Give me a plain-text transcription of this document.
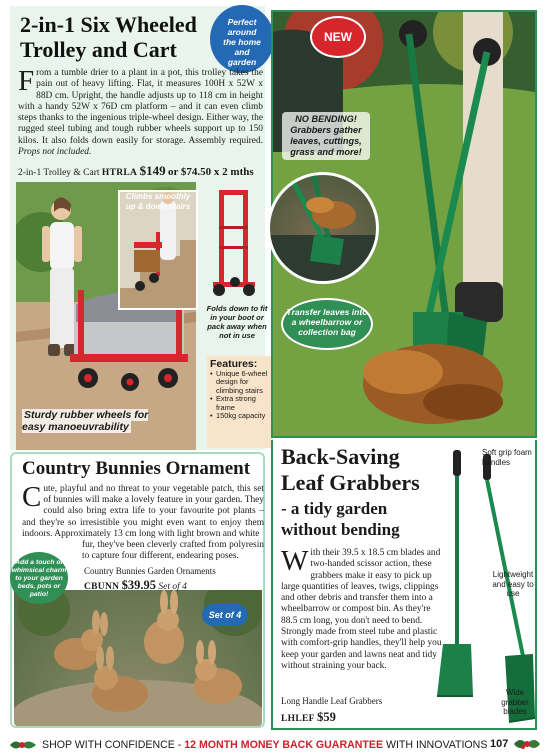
2-in-1 Six Wheeled Trolley and Cart
Perfect
around
the home
and
garden
From a tumble drier to a plant in a pot, this trolley takes the pain out of heavy lifting. Flat, it measures 100H x 52W x 88D cm. Upright, the handle adjusts up to 118 cm in height with a handy 52W x 76D cm platform – and it can even climb steps thanks to the ingenious triple-wheel design. Either way, the rugged steel tubing and tough rubber wheels support up to 150 kilos. It also folds down easily for storage. Assembly required. Props not included.
2-in-1 Trolley & Cart HTRLA $149 or $74.50 x 2 mths
Climbs smoothly up & down stairs
Folds down to fit in your boot or pack away when not in use
Sturdy rubber wheels for easy manoeuvrability
Features:
• Unique 6-wheel design for climbing stairs
• Extra strong frame
• 150kg capacity
Country Bunnies Ornament
Cute, playful and no threat to your vegetable patch, this set of bunnies will make a lovely feature in your garden. They could also bring extra life to your favourite pot plants – and they're so irresistible you might even want to enjoy them indoors. Approximately 13 cm long with light brown and white
fur, they've been cleverly crafted from polyresin to capture four different, endearing poses.
Add a touch of whimsical charm to your garden beds, pots or patio!
Country Bunnies Garden Ornaments
CBUNN $39.95 Set of 4
Set of 4
NEW
NO BENDING! Grabbers gather leaves, cuttings, grass and more!
Transfer leaves into a wheelbarrow or collection bag
Back-Saving
Leaf Grabbers
- a tidy garden
without bending
With their 39.5 x 18.5 cm blades and two-handed scissor action, these grabbers make it easy to pick up large quantities of leaves, twigs, clippings and other debris and transfer them into a wheelbarrow or compost bin. As they're 88.5 cm long, you don't need to bend. Strongly made from steel tube and plastic with comfort-grip handles, they'll help you keep your garden and lawns neat and tidy without straining your back.
Long Handle Leaf Grabbers
LHLEF $59
Soft grip foam handles
Lightweight and easy to use
Wide grabber blades
SHOP WITH CONFIDENCE - 12 MONTH MONEY BACK GUARANTEE WITH INNOVATIONS 107
